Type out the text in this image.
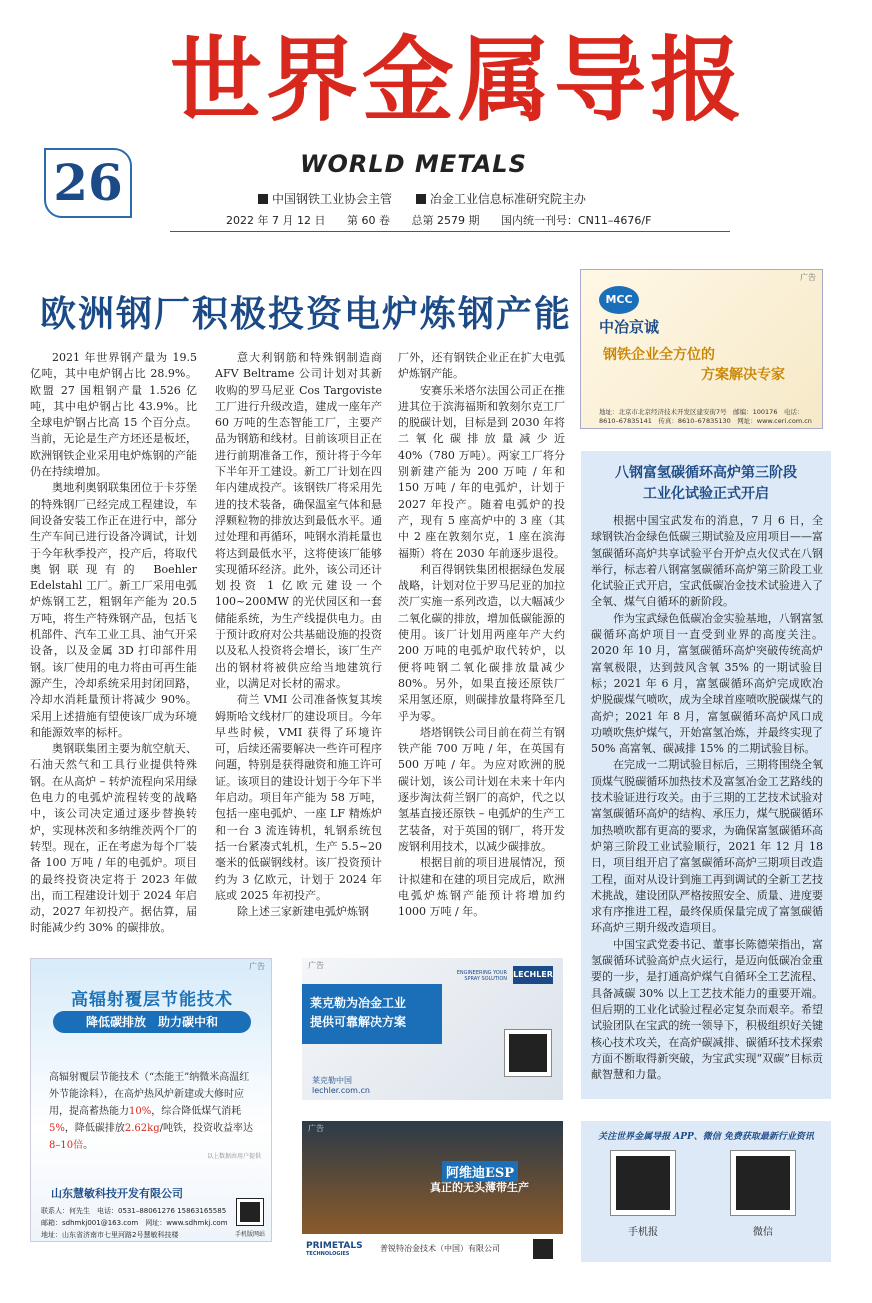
世界金属导报
WORLD METALS
26	中国钢铁工业协会主管	冶金工业信息标准研究院主办
2022 年 7 月 12 日 第 60 卷 总第 2579 期 国内统一刊号：CN11–4676/F
广告
MCC
中冶京诚
钢铁企业全方位的
方案解决专家
地址：北京市北京经济技术开发区建安街7号　邮编：100176　电话：8610–67835141　传真：8610–67835130　网址：www.ceri.com.cn
欧洲钢厂积极投资电炉炼钢产能

2021 年世界钢产量为 19.5 亿吨，其中电炉钢占比 28.9%。欧盟 27 国粗钢产量 1.526 亿吨，其中电炉钢占比 43.9%。比全球电炉钢占比高 15 个百分点。当前，无论是生产方坯还是板坯，欧洲钢铁企业采用电炉炼钢的产能仍在持续增加。

奥地利奥钢联集团位于卡芬堡的特殊钢厂已经完成工程建设，车间设备安装工作正在进行中，部分生产车间已进行设备冷调试，计划于今年秋季投产，投产后，将取代奥钢联现有的 Boehler Edelstahl 工厂。新工厂采用电弧炉炼钢工艺，粗钢年产能为 20.5 万吨，将生产特殊钢产品，包括飞机部件、汽车工业工具、油气开采设备，以及金属 3D 打印部件用钢。该厂使用的电力将由可再生能源产生，冷却系统采用封闭回路，冷却水消耗量预计将减少 90%。采用上述措施有望使该厂成为环境和能源效率的标杆。

奥钢联集团主要为航空航天、石油天然气和工具行业提供特殊钢。在从高炉 – 转炉流程向采用绿色电力的电弧炉流程转变的战略中，该公司决定通过逐步替换转炉，实现林茨和多纳维茨两个厂的转型。现在，正在考虑为每个厂装备 100 万吨 / 年的电弧炉。项目的最终投资决定将于 2023 年做出，而工程建设计划于 2024 年启动，2027 年初投产。据估算，届时能减少约 30% 的碳排放。

意大利钢筋和特殊钢制造商 AFV Beltrame 公司计划对其新收购的罗马尼亚 Cos Targoviste 工厂进行升级改造，建成一座年产 60 万吨的生态智能工厂，主要产品为钢筋和线材。目前该项目正在进行前期准备工作，预计将于今年下半年开工建设。新工厂计划在四年内建成投产。该钢铁厂将采用先进的技术装备，确保温室气体和悬浮颗粒物的排放达到最低水平。通过处理和再循环，吨钢水消耗量也将达到最低水平，这将使该厂能够实现循环经济。此外，该公司还计划投资 1 亿欧元建设一个 100~200MW 的光伏园区和一套储能系统，为生产线提供电力。由于预计政府对公共基础设施的投资以及私人投资将会增长，该厂生产出的钢材将被供应给当地建筑行业，以满足对长材的需求。

荷兰 VMI 公司准备恢复其埃姆斯哈文线材厂的建设项目。今年早些时候，VMI 获得了环境许可，后续还需要解决一些许可程序问题，特别是获得融资和施工许可证。该项目的建设计划于今年下半年启动。项目年产能为 58 万吨，包括一座电弧炉、一座 LF 精炼炉和一台 3 流连铸机，轧钢系统包括一台紧凑式轧机，生产 5.5~20 毫米的低碳钢线材。该厂投资预计约为 3 亿欧元，计划于 2024 年底或 2025 年初投产。

除上述三家新建电弧炉炼钢

厂外，还有钢铁企业正在扩大电弧炉炼钢产能。

安赛乐米塔尔法国公司正在推进其位于滨海福斯和敦刻尔克工厂的脱碳计划，目标是到 2030 年将二氧化碳排放量减少近 40%（780 万吨）。两家工厂将分别新建产能为 200 万吨 / 年和 150 万吨 / 年的电弧炉，计划于 2027 年投产。随着电弧炉的投产，现有 5 座高炉中的 3 座（其中 2 座在敦刻尔克，1 座在滨海福斯）将在 2030 年前逐步退役。

利百得钢铁集团根据绿色发展战略，计划对位于罗马尼亚的加拉茨厂实施一系列改造，以大幅减少二氧化碳的排放，增加低碳能源的使用。该厂计划用两座年产大约 200 万吨的电弧炉取代转炉，以便将吨钢二氧化碳排放量减少 80%。另外，如果直接还原铁厂采用氢还原，则碳排放量将降至几乎为零。

塔塔钢铁公司目前在荷兰有钢铁产能 700 万吨 / 年，在英国有 500 万吨 / 年。为应对欧洲的脱碳计划，该公司计划在未来十年内逐步淘汰荷兰钢厂的高炉，代之以氢基直接还原铁 – 电弧炉的生产工艺装备，对于英国的钢厂，将开发废钢利用技术，以减少碳排放。

根据目前的项目进展情况，预计拟建和在建的项目完成后，欧洲电弧炉炼钢产能预计将增加约 1000 万吨 / 年。

八钢富氢碳循环高炉第三阶段
工业化试验正式开启

根据中国宝武发布的消息，7 月 6 日，全球钢铁冶金绿色低碳三期试验及应用项目——富氢碳循环高炉共享试验平台开炉点火仪式在八钢举行，标志着八钢富氢碳循环高炉第三阶段工业化试验正式开启，宝武低碳冶金技术试验进入了全氧、煤气自循环的新阶段。

作为宝武绿色低碳冶金实验基地，八钢富氢碳循环高炉项目一直受到业界的高度关注。2020 年 10 月，富氢碳循环高炉突破传统高炉富氧极限，达到鼓风含氧 35% 的一期试验目标；2021 年 6 月，富氢碳循环高炉完成欧冶炉脱碳煤气喷吹，成为全球首座喷吹脱碳煤气的高炉；2021 年 8 月，富氢碳循环高炉风口成功喷吹焦炉煤气，开始富氢冶炼，并最终实现了 50% 高富氧、碳减排 15% 的二期试验目标。

在完成一二期试验目标后，三期将围绕全氧顶煤气脱碳循环加热技术及富氢冶金工艺路线的技术验证进行攻关。由于三期的工艺技术试验对富氢碳循环高炉的结构、承压力，煤气脱碳循环加热喷吹都有更高的要求，为确保富氢碳循环高炉第三阶段工业试验顺行，2021 年 12 月 18 日，项目组开启了富氢碳循环高炉三期项目改造工程，面对从设计到施工再到调试的全新工艺技术挑战，建设团队严格按照安全、质量、进度要求有序推进工程，最终保质保量完成了富氢碳循环高炉三期升级改造项目。

中国宝武党委书记、董事长陈德荣指出，富氢碳循环试验高炉点火运行，是迈向低碳冶金重要的一步，是打通高炉煤气自循环全工艺流程、具备减碳 30% 以上工艺技术能力的重要开端。但后期的工业化试验过程必定复杂而艰辛。希望试验团队在宝武的统一领导下，积极组织好关键核心技术攻关，在高炉碳减排、碳循环技术探索方面不断取得新突破，为宝武实现“双碳”目标贡献智慧和力量。

广告
高辐射覆层节能技术
降低碳排放　助力碳中和
高辐射覆层节能技术（“杰能王”纳微米高温红外节能涂料），在高炉热风炉新建或大修时应用，提高蓄热能力10%，综合降低煤气消耗5%，降低碳排放2.62kg/吨铁，投资收益率达8–10倍。
以上数据由用户提供
山东慧敏科技开发有限公司
联系人：何先生　电话：0531–88061276 15863165585
邮箱：sdhmkj001@163.com　网址：www.sdhmkj.com
地址：山东省济南市七里河路2号慧敏科技楼	手机版网站
广告
LECHLER
ENGINEERING YOUR SPRAY SOLUTION
莱克勒为冶金工业
提供可靠解决方案
莱克勒中国
lechler.com.cn
广告
阿维迪ESP
真正的无头薄带生产
PRIMETALS
TECHNOLOGIES
普锐特冶金技术（中国）有限公司
关注世界金属导报 APP、微信 免费获取最新行业资讯
手机报	微信
